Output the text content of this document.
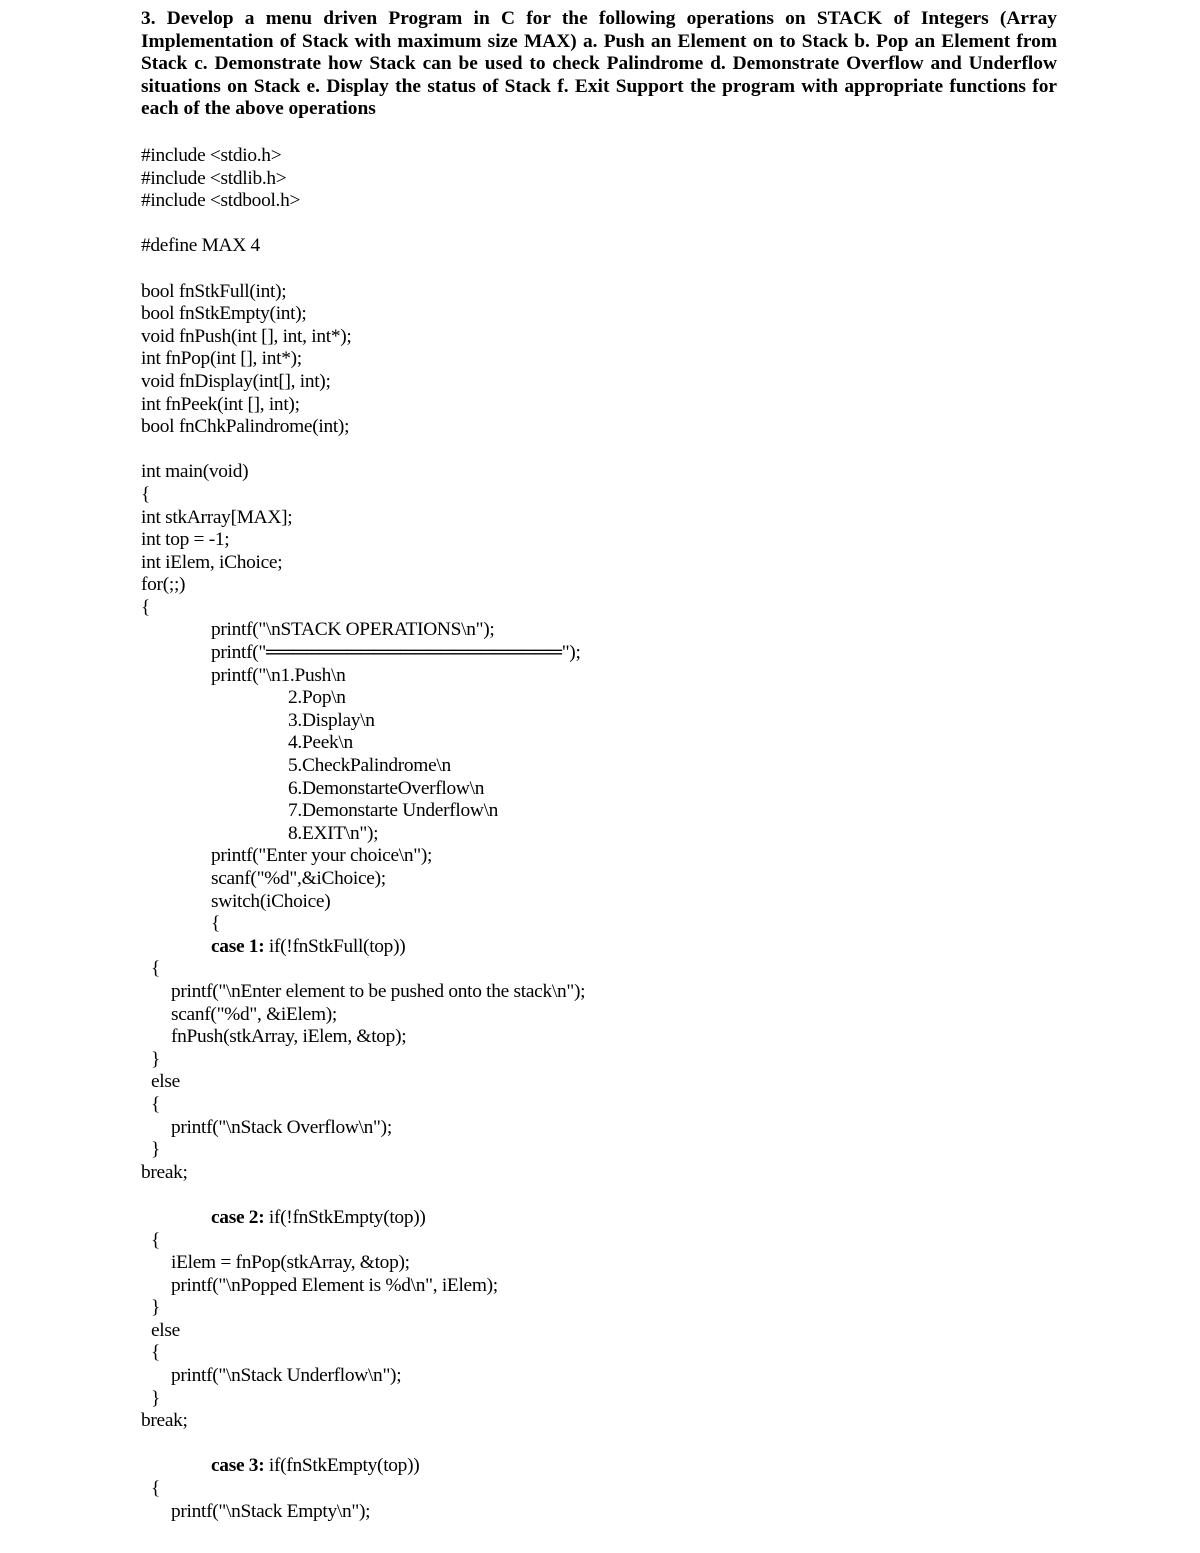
3. Develop a menu driven Program in C for the following operations on STACK of Integers (Array Implementation of Stack with maximum size MAX) a. Push an Element on to Stack b. Pop an Element from Stack c. Demonstrate how Stack can be used to check Palindrome d. Demonstrate Overflow and Underflow situations on Stack e. Display the status of Stack f. Exit Support the program with appropriate functions for each of the above operations

#include <stdio.h>
#include <stdlib.h>
#include <stdbool.h>
#define MAX 4
bool fnStkFull(int);
bool fnStkEmpty(int);
void fnPush(int [], int, int*);
int fnPop(int [], int*);
void fnDisplay(int[], int);
int fnPeek(int [], int);
bool fnChkPalindrome(int);
int main(void)
{
int stkArray[MAX];
int top = -1;
int iElem, iChoice;
for(;;)
{
printf("\nSTACK OPERATIONS\n");
printf("══════════════════════");
printf("\n1.Push\n
2.Pop\n
3.Display\n
4.Peek\n
5.CheckPalindrome\n
6.DemonstarteOverflow\n
7.Demonstarte Underflow\n
8.EXIT\n");
printf("Enter your choice\n");
scanf("%d",&iChoice);
switch(iChoice)
{
case 1: if(!fnStkFull(top))
{
printf("\nEnter element to be pushed onto the stack\n");
scanf("%d", &iElem);
fnPush(stkArray, iElem, &top);
}
else
{
printf("\nStack Overflow\n");
}
break;
case 2: if(!fnStkEmpty(top))
{
iElem = fnPop(stkArray, &top);
printf("\nPopped Element is %d\n", iElem);
}
else
{
printf("\nStack Underflow\n");
}
break;
case 3: if(fnStkEmpty(top))
{
printf("\nStack Empty\n");
